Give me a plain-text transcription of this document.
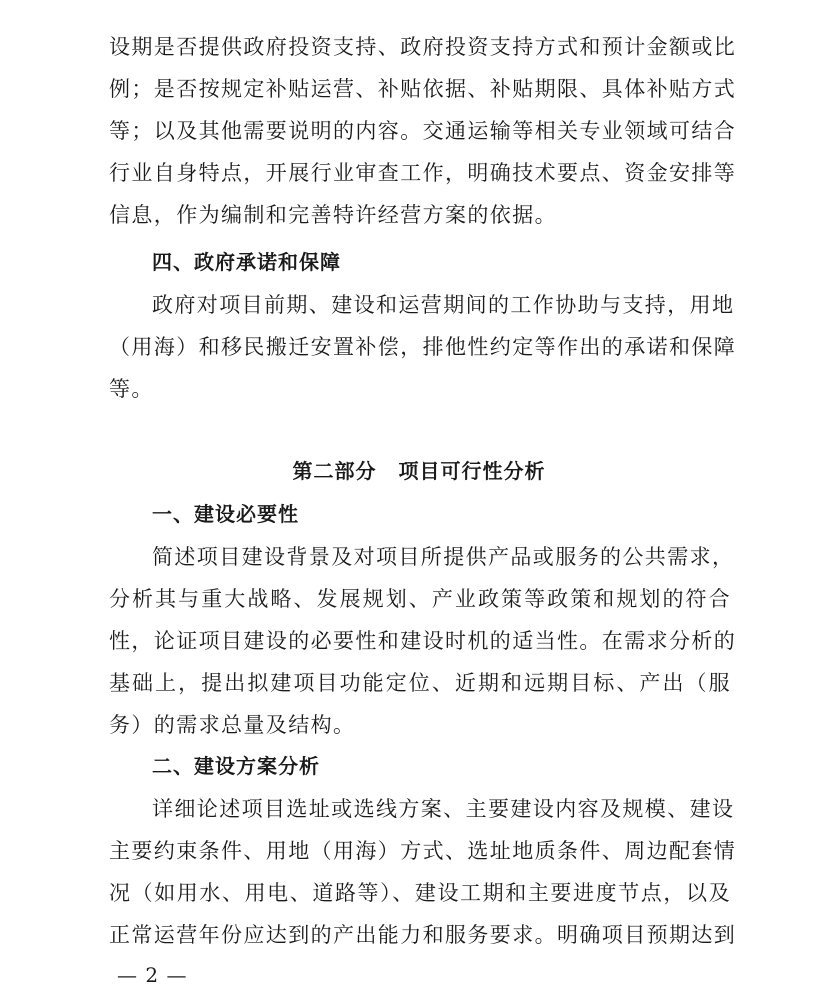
设期是否提供政府投资支持、政府投资支持方式和预计金额或比
例；是否按规定补贴运营、补贴依据、补贴期限、具体补贴方式
等；以及其他需要说明的内容。交通运输等相关专业领域可结合
行业自身特点，开展行业审查工作，明确技术要点、资金安排等
信息，作为编制和完善特许经营方案的依据。
四、政府承诺和保障
政府对项目前期、建设和运营期间的工作协助与支持，用地
（用海）和移民搬迁安置补偿，排他性约定等作出的承诺和保障
等。
第二部分 项目可行性分析
一、建设必要性
简述项目建设背景及对项目所提供产品或服务的公共需求，
分析其与重大战略、发展规划、产业政策等政策和规划的符合
性，论证项目建设的必要性和建设时机的适当性。在需求分析的
基础上，提出拟建项目功能定位、近期和远期目标、产出（服
务）的需求总量及结构。
二、建设方案分析
详细论述项目选址或选线方案、主要建设内容及规模、建设
主要约束条件、用地（用海）方式、选址地质条件、周边配套情
况（如用水、用电、道路等）、建设工期和主要进度节点，以及
正常运营年份应达到的产出能力和服务要求。明确项目预期达到
— 2 —
